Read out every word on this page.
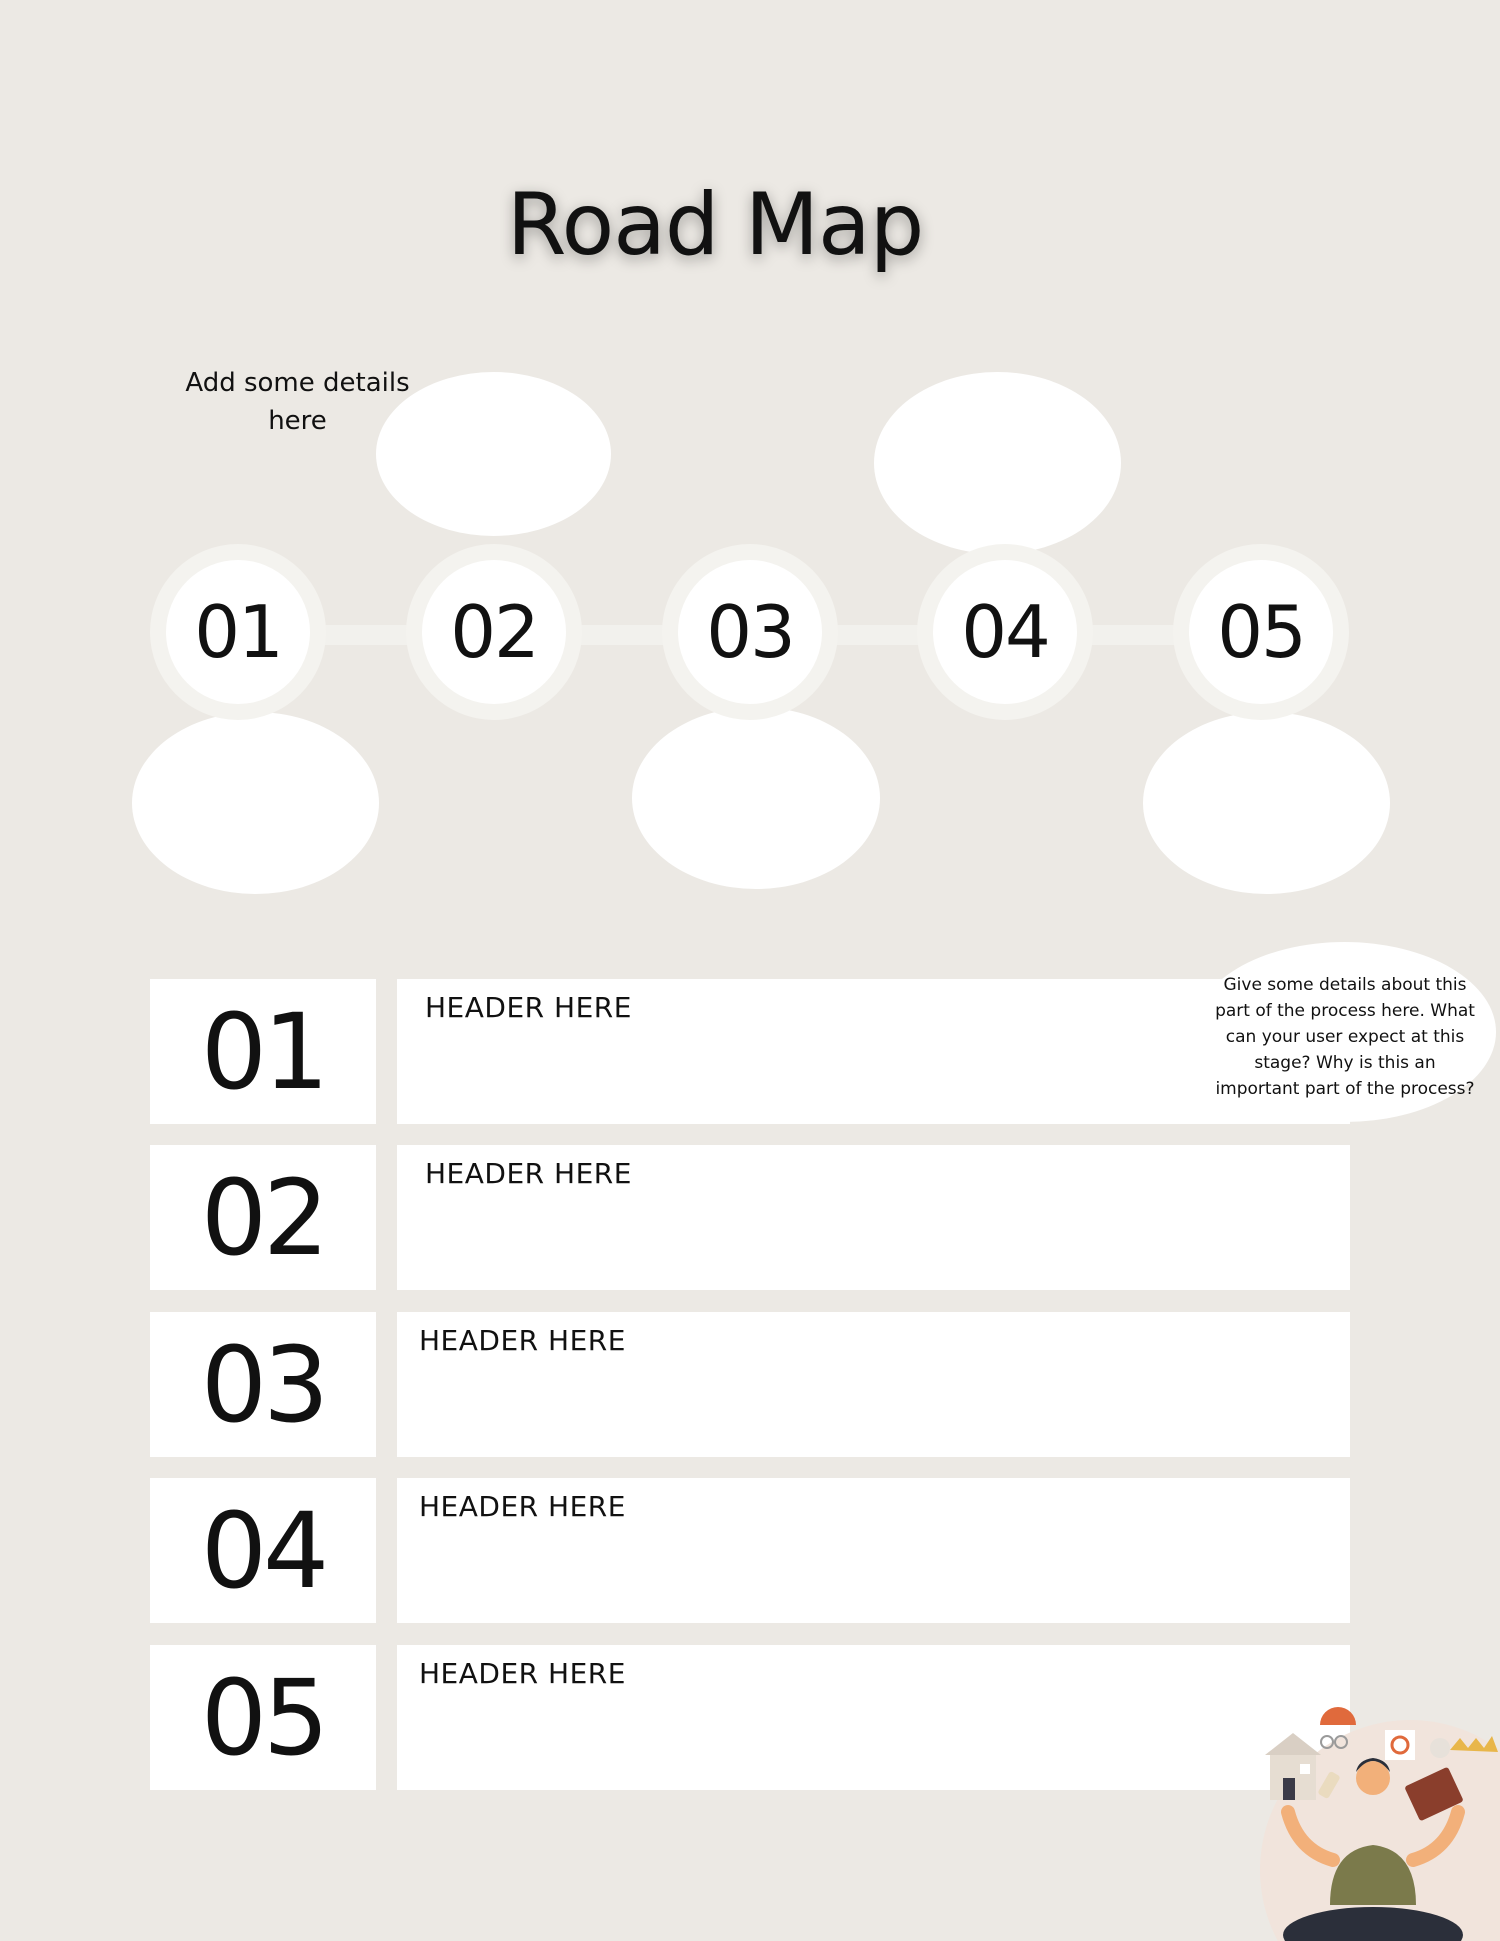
Road Map
Add some details here
01	02	03	04	05
01	HEADER HERE
02	HEADER HERE
03	HEADER HERE
04	HEADER HERE
05	HEADER HERE
Give some details about this part of the process here. What can your user expect at this stage? Why is this an important part of the process?
